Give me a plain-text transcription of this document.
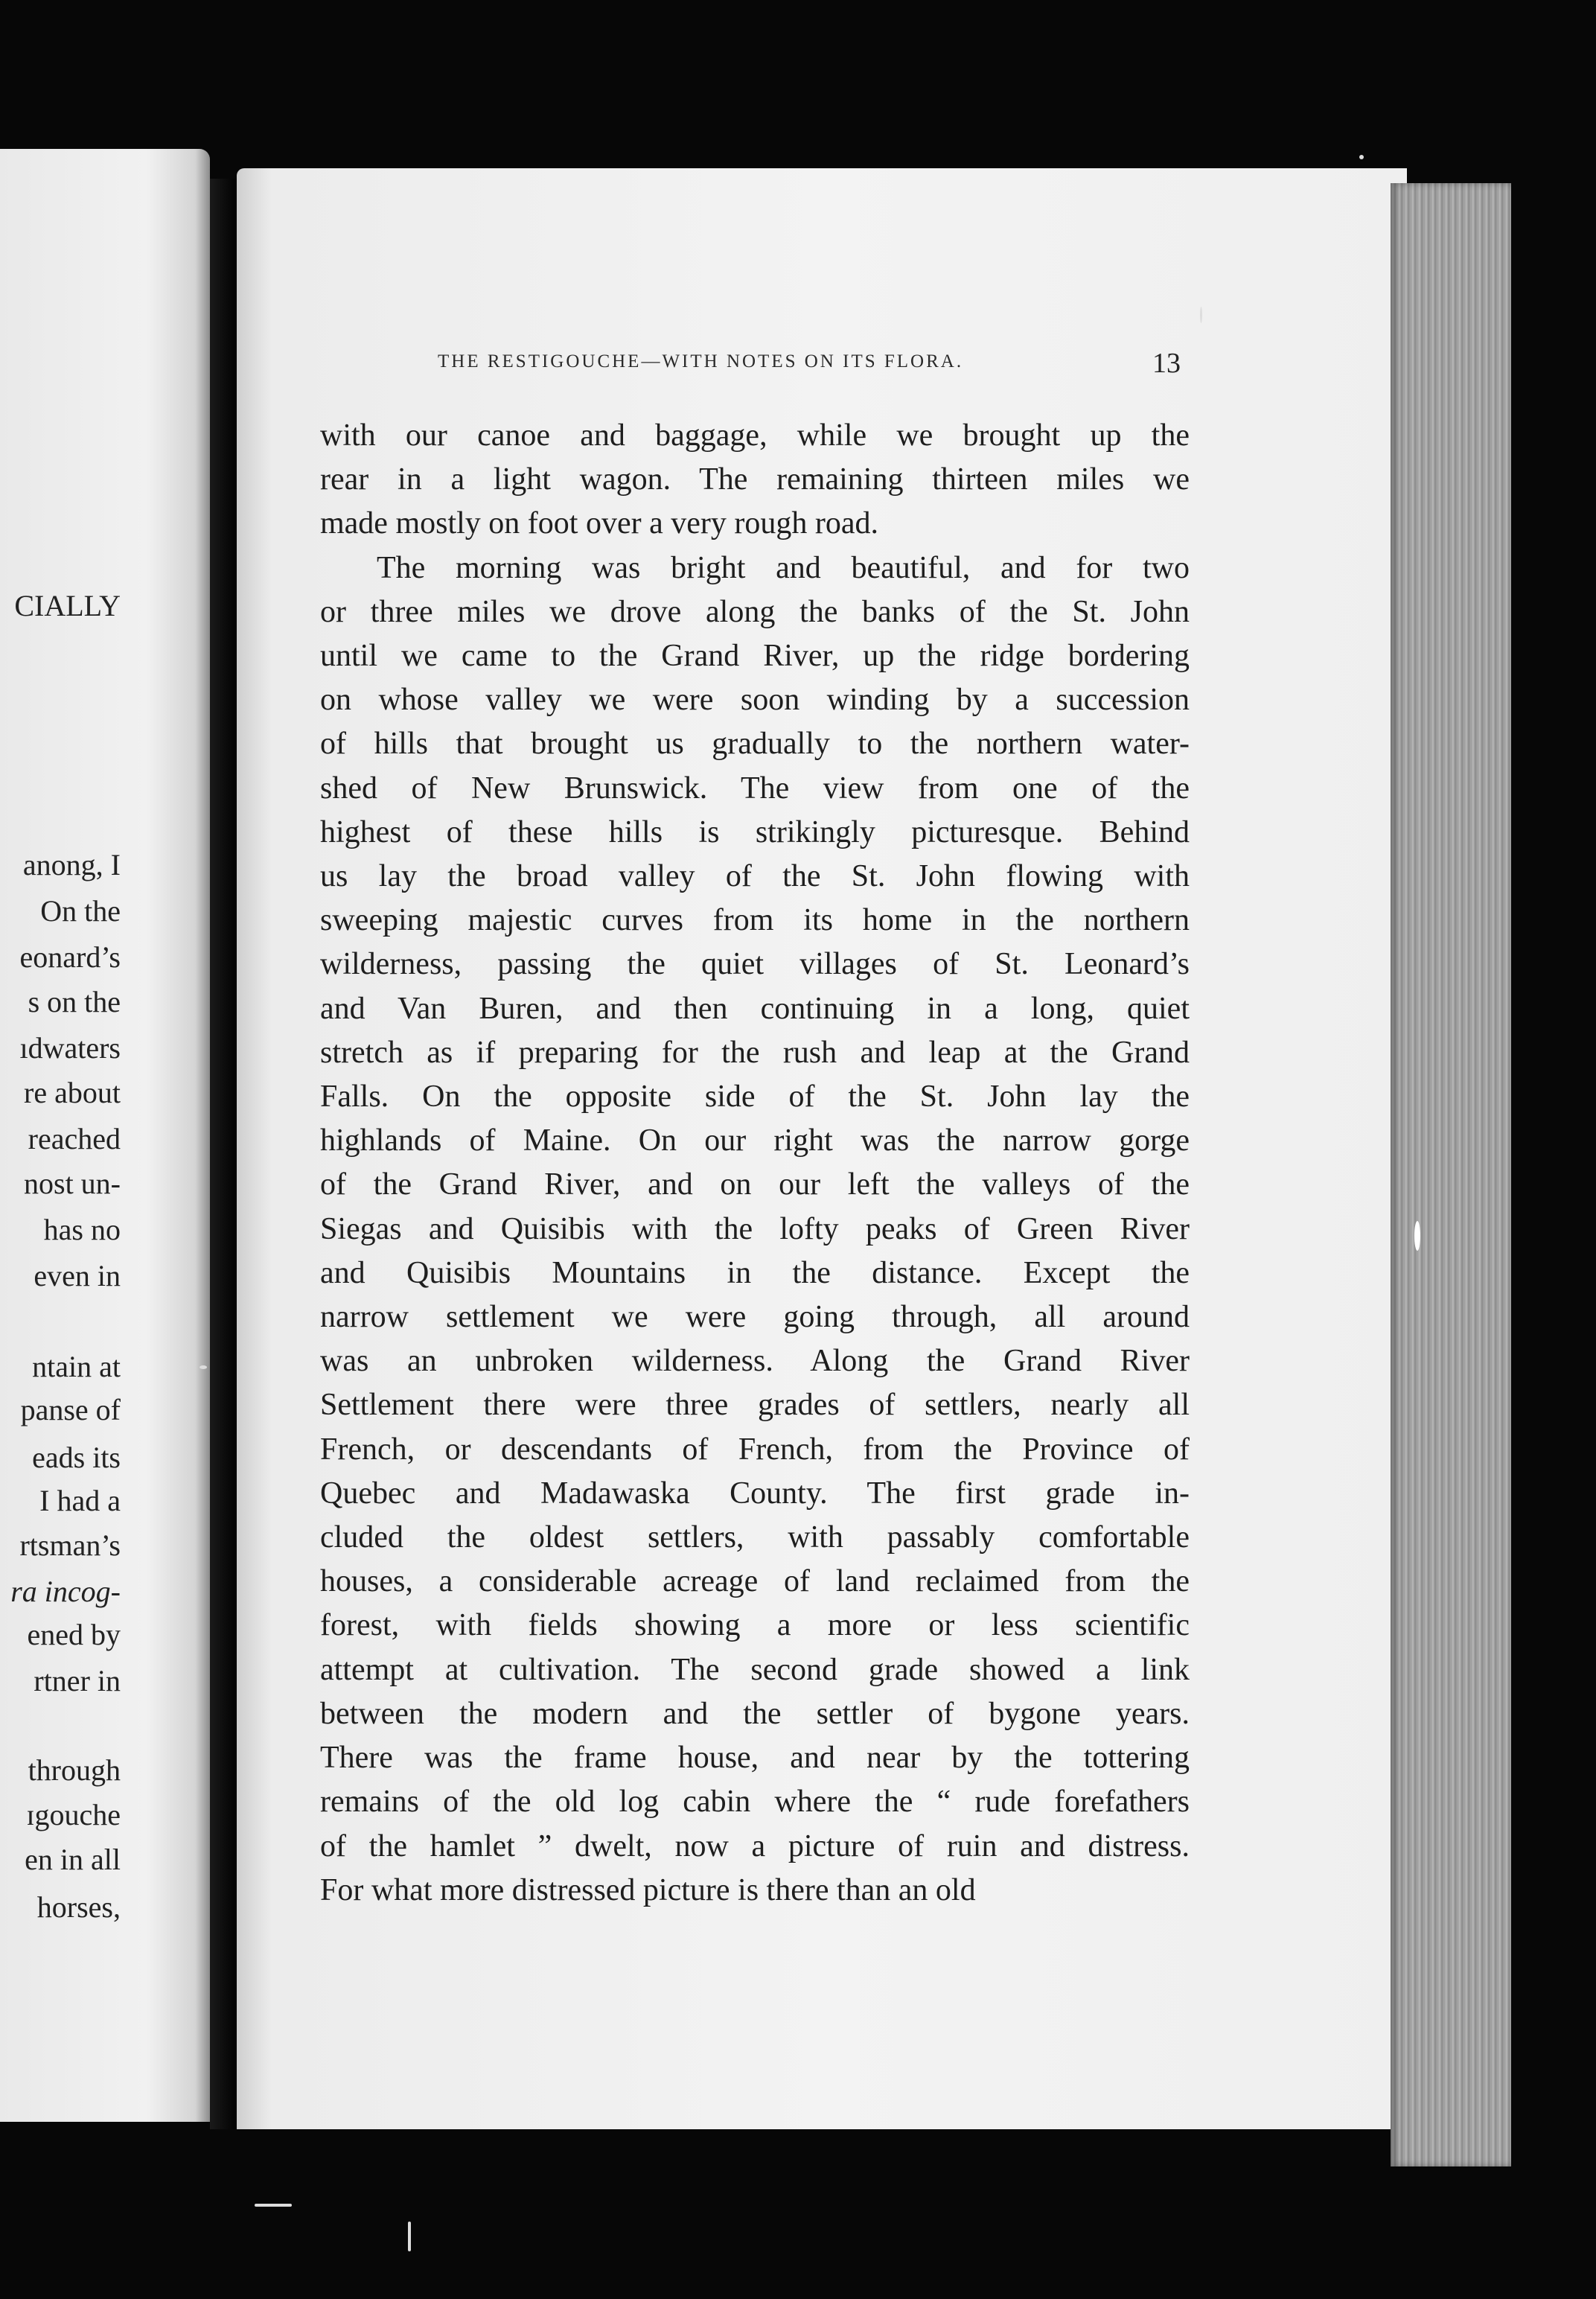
CIALLY
anong, I
On the
eonard’s
s on the
ıdwaters
re about
reached
nost un-
has no
even in
ntain at
panse of
eads its
I had a
rtsman’s
ra incog-
ened by
rtner in
through
ɪgouche
en in all
horses,
THE RESTIGOUCHE—WITH NOTES ON ITS FLORA.	13
with our canoe and baggage, while we brought up the
rear in a light wagon. The remaining thirteen miles we
made mostly on foot over a very rough road.
The morning was bright and beautiful, and for two
or three miles we drove along the banks of the St. John
until we came to the Grand River, up the ridge bordering
on whose valley we were soon winding by a succession
of hills that brought us gradually to the northern water-
shed of New Brunswick. The view from one of the
highest of these hills is strikingly picturesque. Behind
us lay the broad valley of the St. John flowing with
sweeping majestic curves from its home in the northern
wilderness, passing the quiet villages of St. Leonard’s
and Van Buren, and then continuing in a long, quiet
stretch as if preparing for the rush and leap at the Grand
Falls. On the opposite side of the St. John lay the
highlands of Maine. On our right was the narrow gorge
of the Grand River, and on our left the valleys of the
Siegas and Quisibis with the lofty peaks of Green River
and Quisibis Mountains in the distance. Except the
narrow settlement we were going through, all around
was an unbroken wilderness. Along the Grand River
Settlement there were three grades of settlers, nearly all
French, or descendants of French, from the Province of
Quebec and Madawaska County. The first grade in-
cluded the oldest settlers, with passably comfortable
houses, a considerable acreage of land reclaimed from the
forest, with fields showing a more or less scientific
attempt at cultivation. The second grade showed a link
between the modern and the settler of bygone years.
There was the frame house, and near by the tottering
remains of the old log cabin where the “ rude forefathers
of the hamlet ” dwelt, now a picture of ruin and distress.
For what more distressed picture is there than an old
